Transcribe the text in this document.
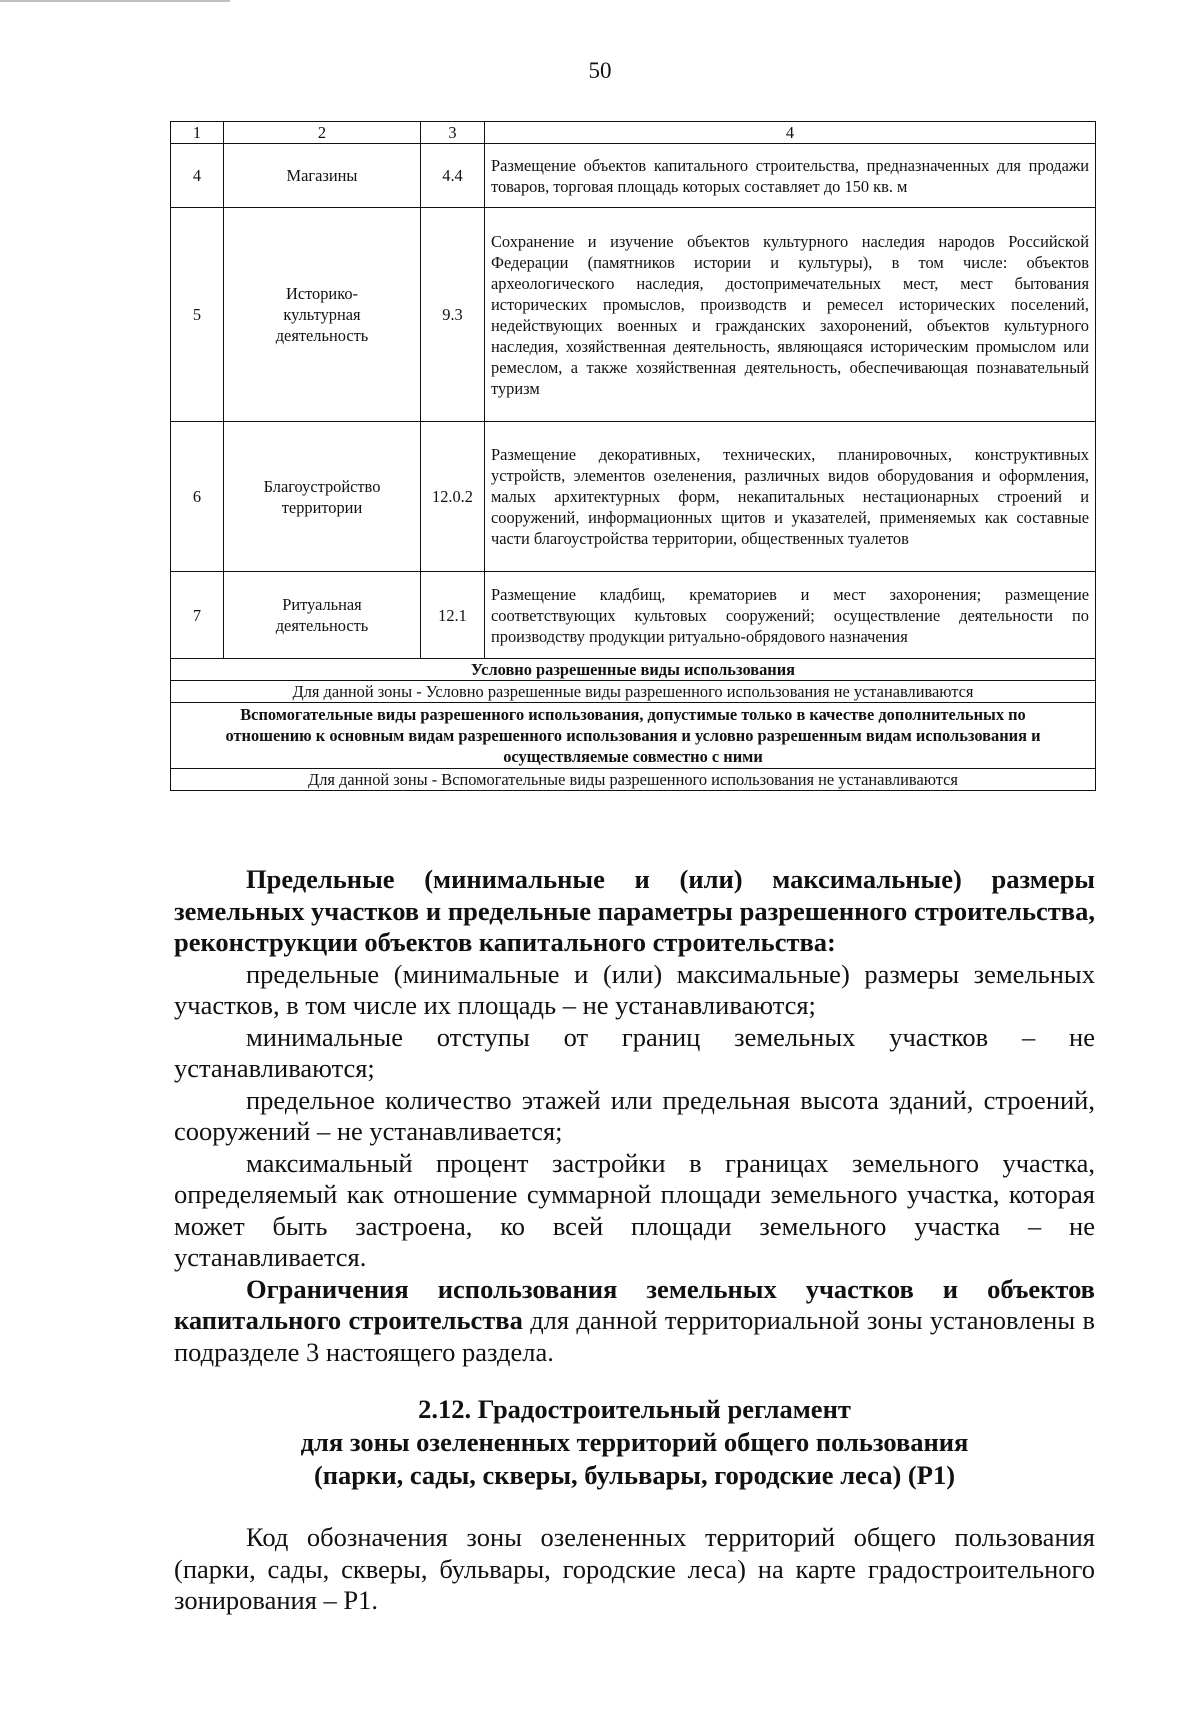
50
1	2	3	4
4	Магазины	4.4	Размещение объектов капитального строительства, предназначенных для продажи товаров, торговая площадь которых составляет до 150 кв. м
5	Историко-культурная деятельность	9.3	Сохранение и изучение объектов культурного наследия народов Российской Федерации (памятников истории и культуры), в том числе: объектов археологического наследия, достопримечательных мест, мест бытования исторических промыслов, производств и ремесел исторических поселений, недействующих военных и гражданских захоронений, объектов культурного наследия, хозяйственная деятельность, являющаяся историческим промыслом или ремеслом, а также хозяйственная деятельность, обеспечивающая познавательный туризм
6	Благоустройство территории	12.0.2	Размещение декоративных, технических, планировочных, конструктивных устройств, элементов озеленения, различных видов оборудования и оформления, малых архитектурных форм, некапитальных нестационарных строений и сооружений, информационных щитов и указателей, применяемых как составные части благоустройства территории, общественных туалетов
7	Ритуальная деятельность	12.1	Размещение кладбищ, крематориев и мест захоронения; размещение соответствующих культовых сооружений; осуществление деятельности по производству продукции ритуально-обрядового назначения
Условно разрешенные виды использования			
Для данной зоны - Условно разрешенные виды разрешенного использования не устанавливаются			
Вспомогательные виды разрешенного использования, допустимые только в качестве дополнительных по отношению к основным видам разрешенного использования и условно разрешенным видам использования и осуществляемые совместно с ними			
Для данной зоны - Вспомогательные виды разрешенного использования не устанавливаются			

Предельные (минимальные и (или) максимальные) размеры земельных участков и предельные параметры разрешенного строительства, реконструкции объектов капитального строительства:

предельные (минимальные и (или) максимальные) размеры земельных участков, в том числе их площадь – не устанавливаются;

минимальные отступы от границ земельных участков – не устанавливаются;

предельное количество этажей или предельная высота зданий, строений, сооружений – не устанавливается;

максимальный процент застройки в границах земельного участка, определяемый как отношение суммарной площади земельного участка, которая может быть застроена, ко всей площади земельного участка – не устанавливается.

Ограничения использования земельных участков и объектов капитального строительства для данной территориальной зоны установлены в подразделе 3 настоящего раздела.

2.12. Градостроительный регламент
для зоны озелененных территорий общего пользования
(парки, сады, скверы, бульвары, городские леса) (Р1)

Код обозначения зоны озелененных территорий общего пользования (парки, сады, скверы, бульвары, городские леса) на карте градостроительного зонирования – Р1.
